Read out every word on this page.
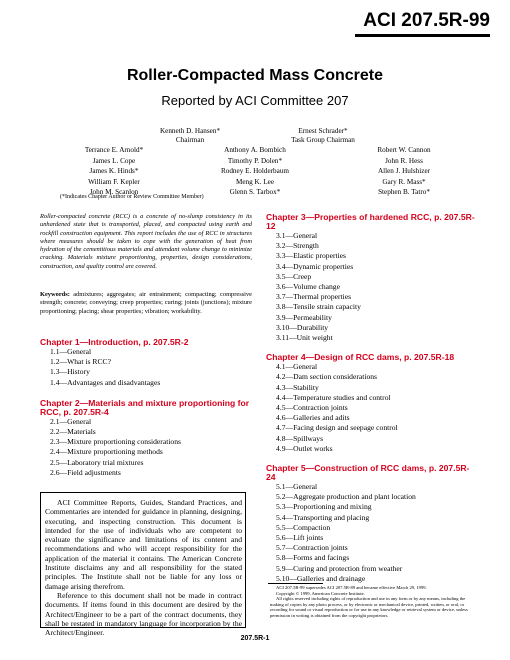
ACI 207.5R-99
Roller-Compacted Mass Concrete
Reported by ACI Committee 207
Kenneth D. Hansen*
Chairman
Ernest Schrader*
Task Group Chairman
Terrance E. Arnold*
James L. Cope
James K. Hinds*
William F. Kepler
John M. Scanlon
Anthony A. Bombich
Timothy P. Dolen*
Rodney E. Holderbaum
Meng K. Lee
Glenn S. Tarbox*
Robert W. Cannon
John R. Hess
Allen J. Hulshizer
Gary R. Mass*
Stephen B. Tatro*
(*Indicates Chapter Author or Review Committee Member)
Roller-compacted concrete (RCC) is a concrete of no-slump consistency in its unhardened state that is transported, placed, and compacted using earth and rockfill construction equipment. This report includes the use of RCC in structures where measures should be taken to cope with the generation of heat from hydration of the cementitious materials and attendant volume change to minimize cracking. Materials mixture proportioning, properties, design considerations, construction, and quality control are covered.
Keywords: admixtures; aggregates; air entrainment; compacting; compressive strength; concrete; conveying; creep properties; curing; joints (junctions); mixture proportioning; placing; shear properties; vibration; workability.
Chapter 1—Introduction, p. 207.5R-2
1.1—General
1.2—What is RCC?
1.3—History
1.4—Advantages and disadvantages
Chapter 2—Materials and mixture proportioning for RCC, p. 207.5R-4
2.1—General
2.2—Materials
2.3—Mixture proportioning considerations
2.4—Mixture proportioning methods
2.5—Laboratory trial mixtures
2.6—Field adjustments

ACI Committee Reports, Guides, Standard Practices, and Commentaries are intended for guidance in planning, designing, executing, and inspecting construction. This document is intended for the use of individuals who are competent to evaluate the significance and limitations of its content and recommendations and who will accept responsibility for the application of the material it contains. The American Concrete Institute disclaims any and all responsibility for the stated principles. The Institute shall not be liable for any loss or damage arising therefrom.

Reference to this document shall not be made in contract documents. If items found in this document are desired by the Architect/Engineer to be a part of the contract documents, they shall be restated in mandatory language for incorporation by the Architect/Engineer.

Chapter 3—Properties of hardened RCC, p. 207.5R-12
3.1—General
3.2—Strength
3.3—Elastic properties
3.4—Dynamic properties
3.5—Creep
3.6—Volume change
3.7—Thermal properties
3.8—Tensile strain capacity
3.9—Permeability
3.10—Durability
3.11—Unit weight
Chapter 4—Design of RCC dams, p. 207.5R-18
4.1—General
4.2—Dam section considerations
4.3—Stability
4.4—Temperature studies and control
4.5—Contraction joints
4.6—Galleries and adits
4.7—Facing design and seepage control
4.8—Spillways
4.9—Outlet works
Chapter 5—Construction of RCC dams, p. 207.5R-24
5.1—General
5.2—Aggregate production and plant location
5.3—Proportioning and mixing
5.4—Transporting and placing
5.5—Compaction
5.6—Lift joints
5.7—Contraction joints
5.8—Forms and facings
5.9—Curing and protection from weather
5.10—Galleries and drainage
ACI 207.5R-99 supersedes ACI 207.5R-89 and became effective March 29, 1999.
Copyright © 1999, American Concrete Institute.
All rights reserved including rights of reproduction and use in any form or by any means, including the making of copies by any photo process, or by electronic or mechanical device, printed, written, or oral, or recording for sound or visual reproduction or for use in any knowledge or retrieval system or device, unless permission in writing is obtained from the copyright proprietors.
207.5R-1
